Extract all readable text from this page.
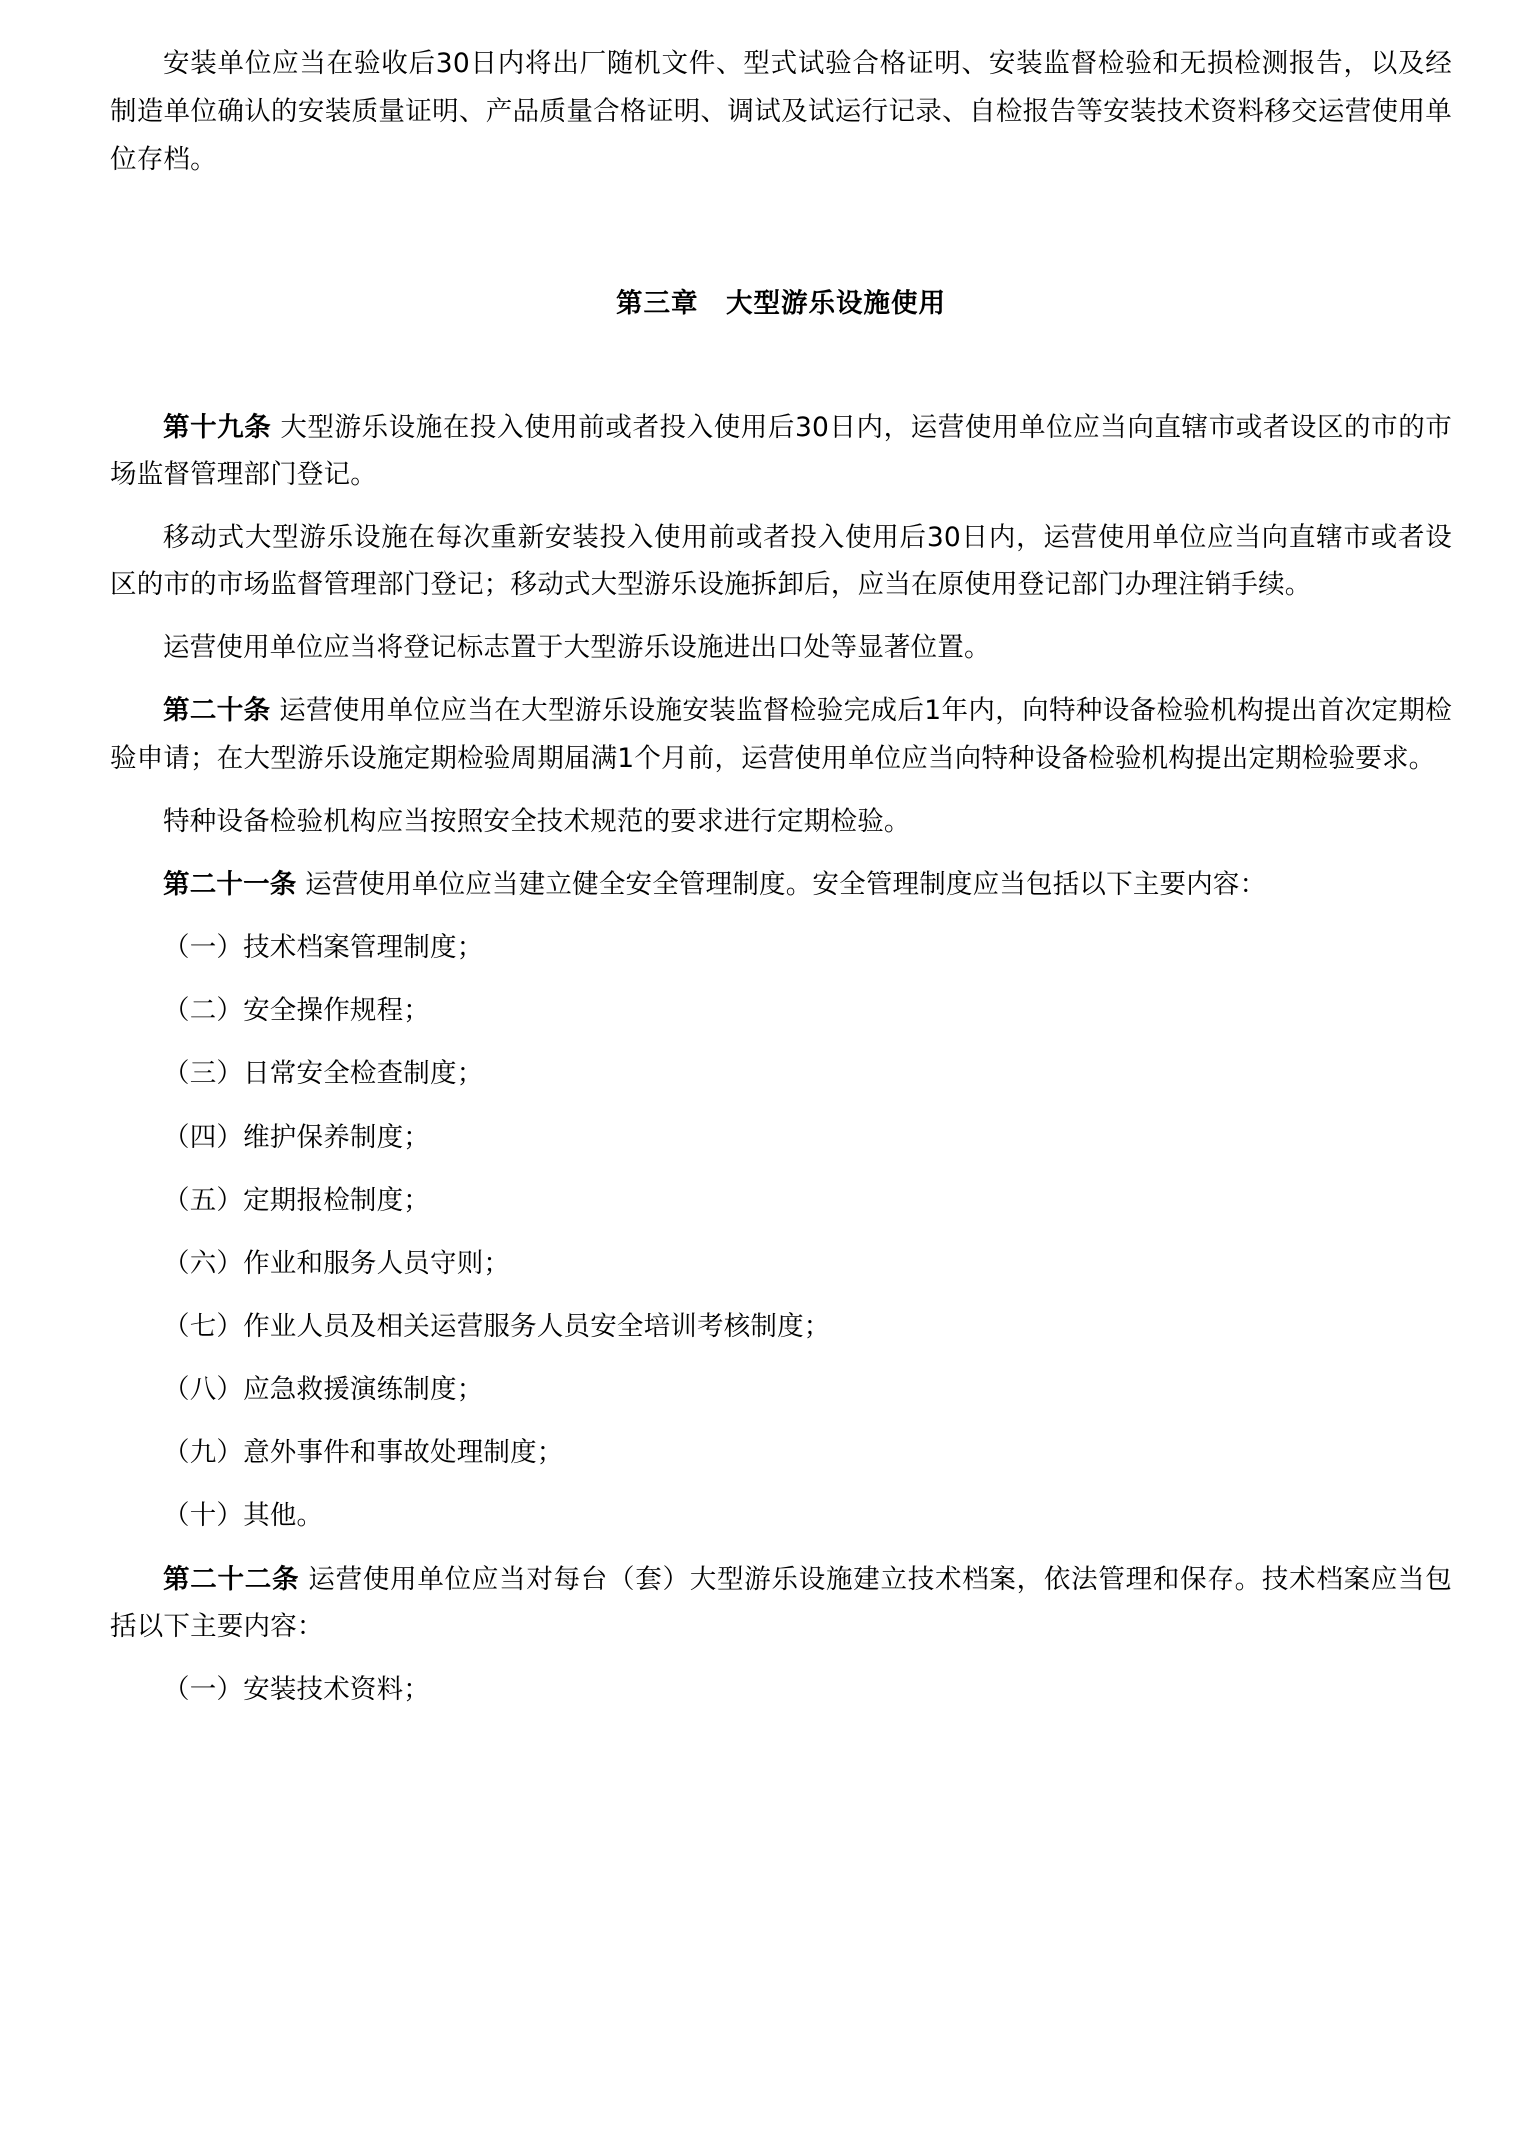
安装单位应当在验收后30日内将出厂随机文件、型式试验合格证明、安装监督检验和无损检测报告，以及经制造单位确认的安装质量证明、产品质量合格证明、调试及试运行记录、自检报告等安装技术资料移交运营使用单位存档。

第三章　大型游乐设施使用

第十九条 大型游乐设施在投入使用前或者投入使用后30日内，运营使用单位应当向直辖市或者设区的市的市场监督管理部门登记。

移动式大型游乐设施在每次重新安装投入使用前或者投入使用后30日内，运营使用单位应当向直辖市或者设区的市的市场监督管理部门登记；移动式大型游乐设施拆卸后，应当在原使用登记部门办理注销手续。

运营使用单位应当将登记标志置于大型游乐设施进出口处等显著位置。

第二十条 运营使用单位应当在大型游乐设施安装监督检验完成后1年内，向特种设备检验机构提出首次定期检验申请；在大型游乐设施定期检验周期届满1个月前，运营使用单位应当向特种设备检验机构提出定期检验要求。

特种设备检验机构应当按照安全技术规范的要求进行定期检验。

第二十一条 运营使用单位应当建立健全安全管理制度。安全管理制度应当包括以下主要内容：

（一）技术档案管理制度；

（二）安全操作规程；

（三）日常安全检查制度；

（四）维护保养制度；

（五）定期报检制度；

（六）作业和服务人员守则；

（七）作业人员及相关运营服务人员安全培训考核制度；

（八）应急救援演练制度；

（九）意外事件和事故处理制度；

（十）其他。

第二十二条 运营使用单位应当对每台（套）大型游乐设施建立技术档案，依法管理和保存。技术档案应当包括以下主要内容：

（一）安装技术资料；
